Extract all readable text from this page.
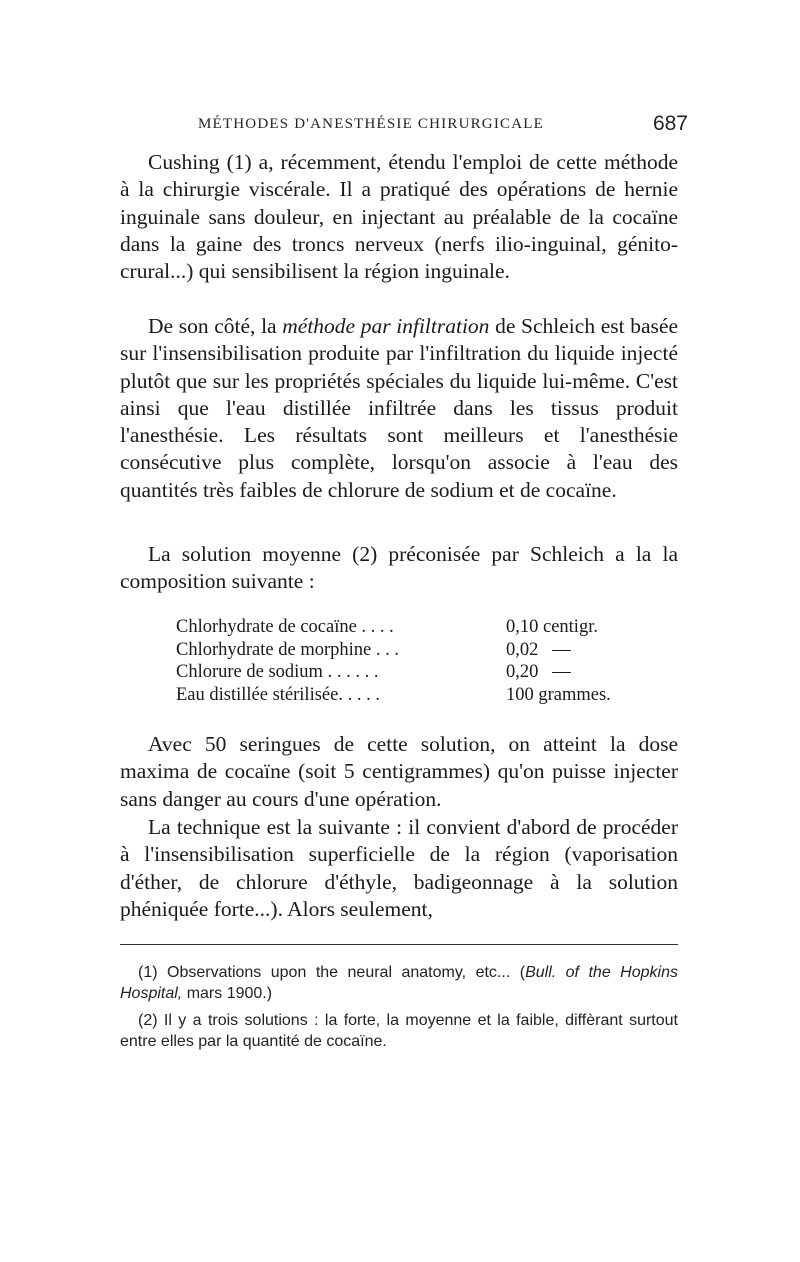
MÉTHODES D'ANESTHÉSIE CHIRURGICALE	687

Cushing (1) a, récemment, étendu l'emploi de cette méthode à la chirurgie viscérale. Il a pratiqué des opérations de hernie inguinale sans douleur, en injectant au préalable de la cocaïne dans la gaine des troncs nerveux (nerfs ilio-inguinal, génito-crural...) qui sensibilisent la région inguinale.

De son côté, la méthode par infiltration de Schleich est basée sur l'insensibilisation produite par l'infiltration du liquide injecté plutôt que sur les propriétés spéciales du liquide lui-même. C'est ainsi que l'eau distillée infiltrée dans les tissus produit l'anesthésie. Les résultats sont meilleurs et l'anesthésie consécutive plus complète, lorsqu'on associe à l'eau des quantités très faibles de chlorure de sodium et de cocaïne.

La solution moyenne (2) préconisée par Schleich a la la composition suivante :

Chlorhydrate de cocaïne . . . .	0,10 centigr.
Chlorhydrate de morphine . . .	0,02   —
Chlorure de sodium . . . . . .	0,20   —
Eau distillée stérilisée. . . . .	100 grammes.

Avec 50 seringues de cette solution, on atteint la dose maxima de cocaïne (soit 5 centigrammes) qu'on puisse injecter sans danger au cours d'une opération.

La technique est la suivante : il convient d'abord de procéder à l'insensibilisation superficielle de la région (vaporisation d'éther, de chlorure d'éthyle, badigeonnage à la solution phéniquée forte...). Alors seulement,

(1) Observations upon the neural anatomy, etc... (Bull. of the Hopkins Hospital, mars 1900.)

(2) Il y a trois solutions : la forte, la moyenne et la faible, diffèrant surtout entre elles par la quantité de cocaïne.
